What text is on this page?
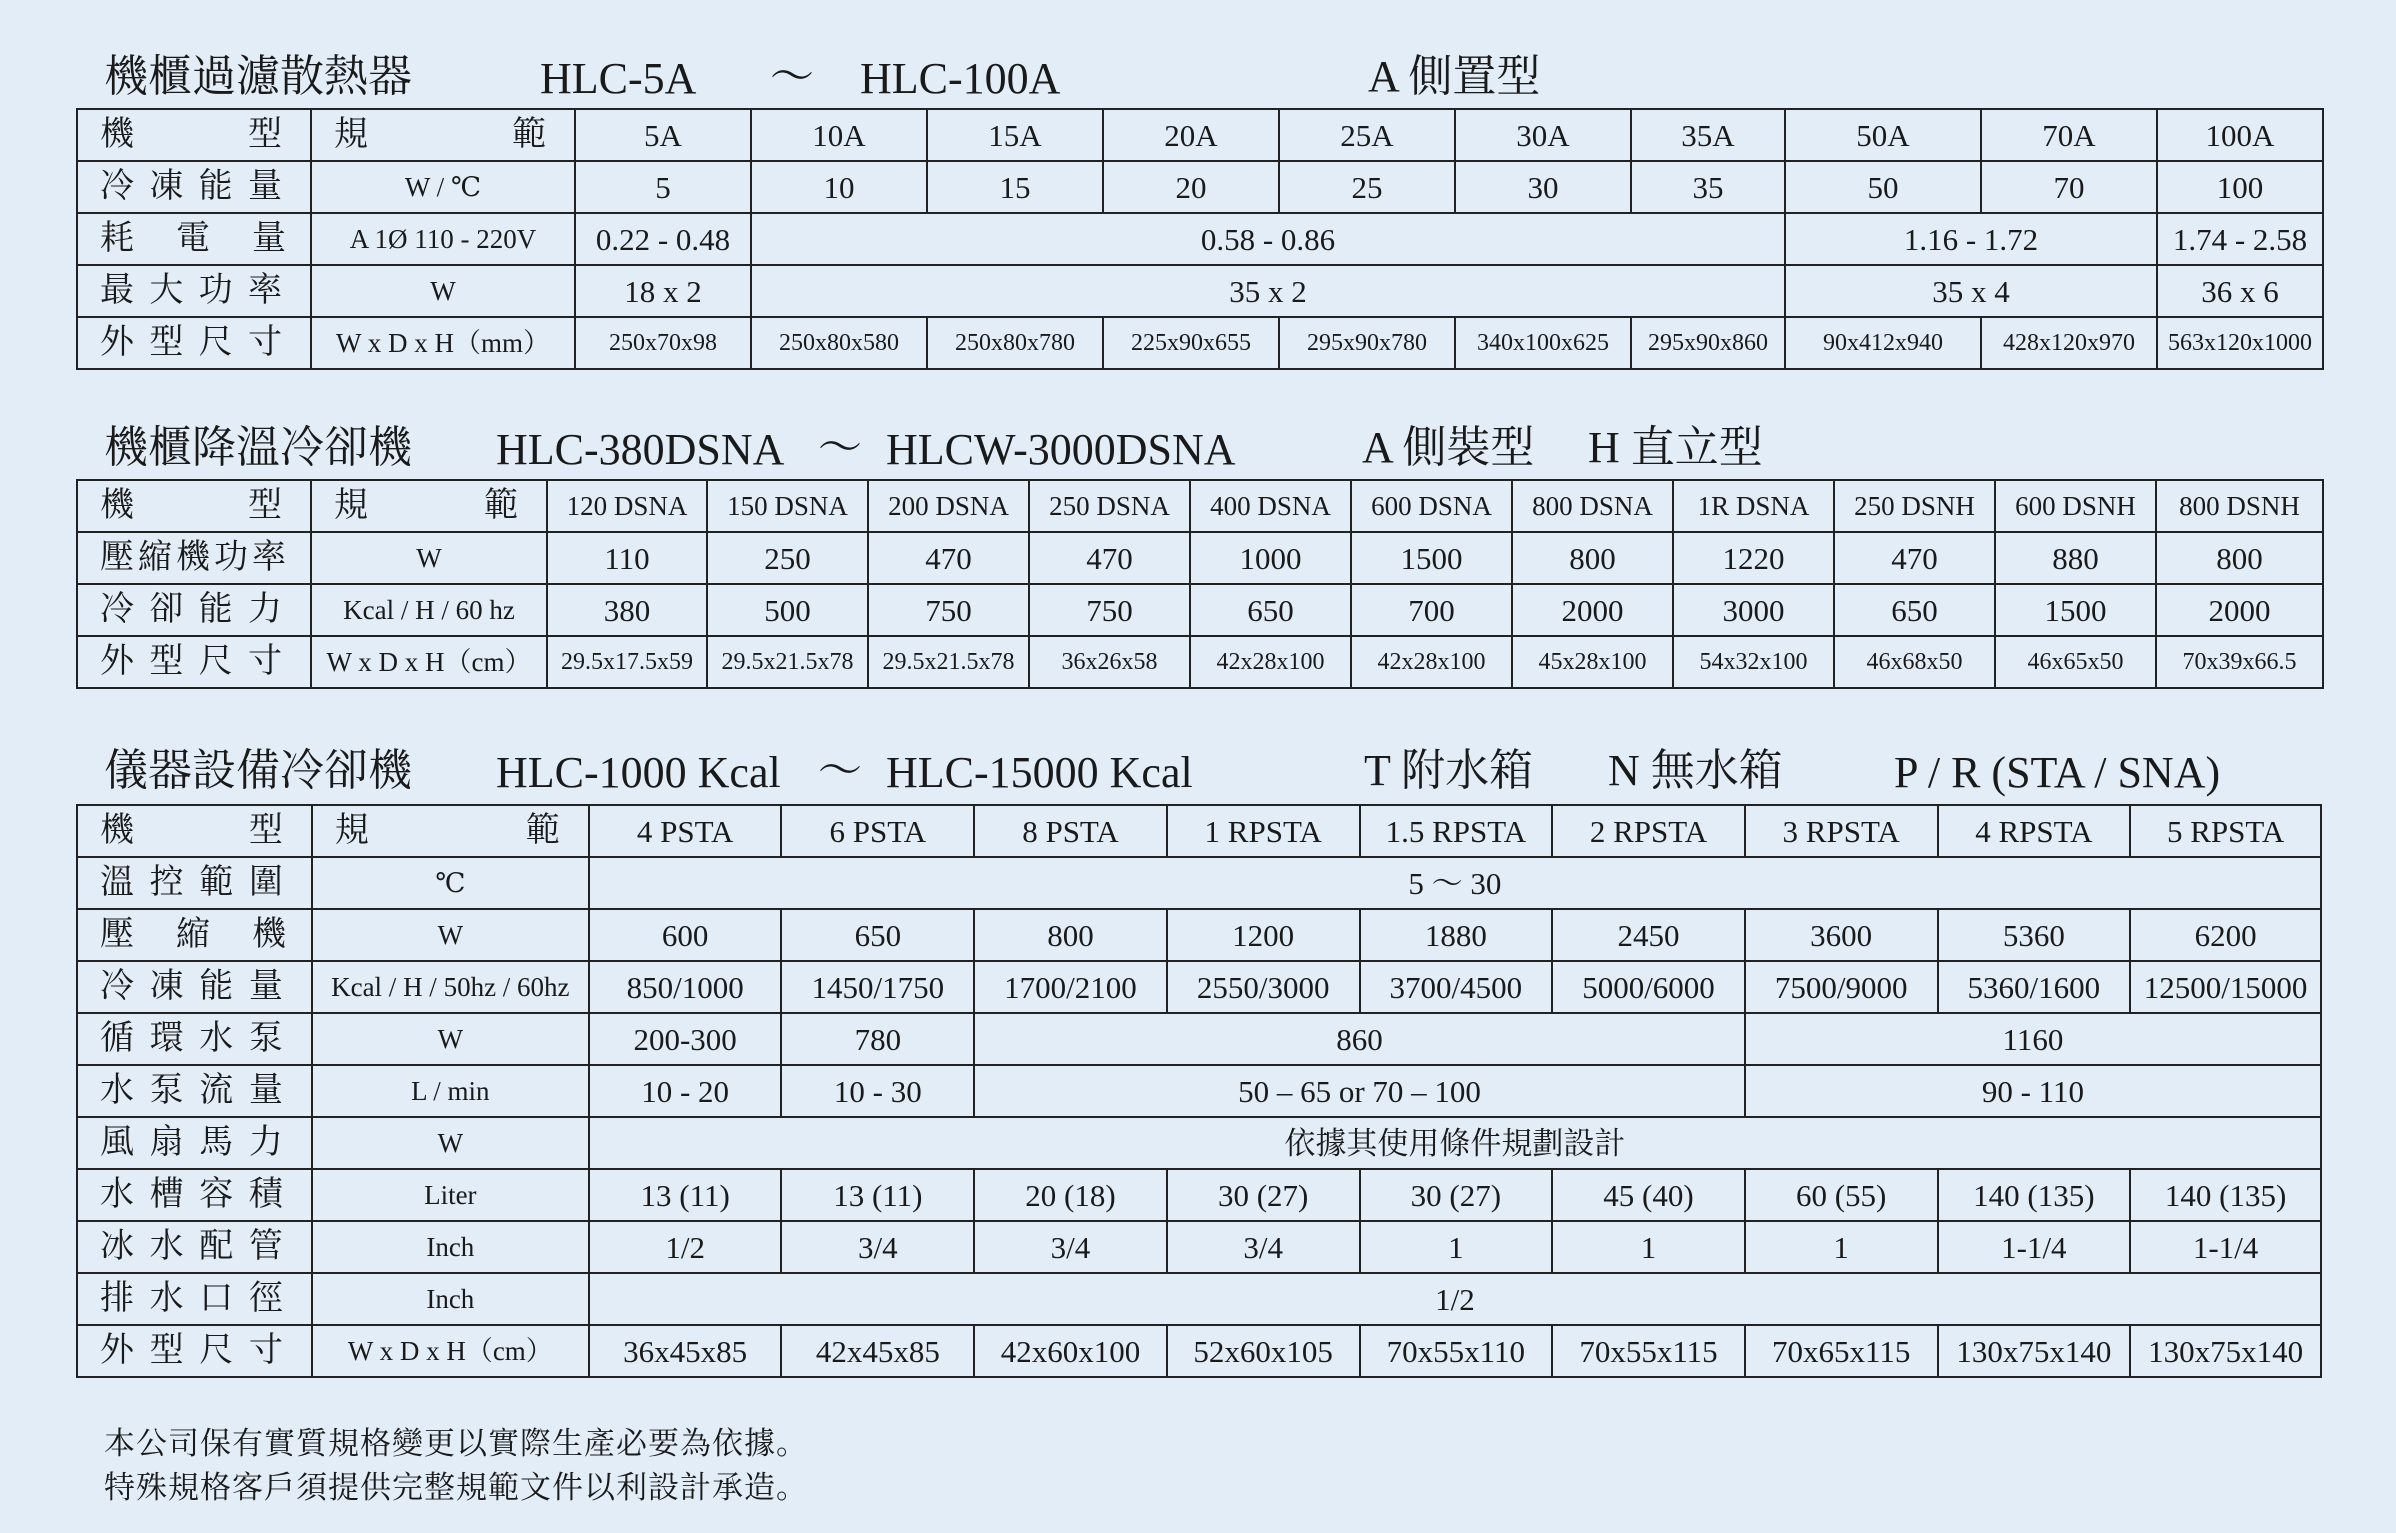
機櫃過濾散熱器	HLC-5A ～ HLC-100A	A 側置型
機　　型	規　　範	5A	10A	15A	20A	25A	30A	35A	50A	70A	100A
冷凍能量	W / ℃	5	10	15	20	25	30	35	50	70	100
耗　電　量	A 1Ø 110 - 220V	0.22 - 0.48	0.58 - 0.86						1.16 - 1.72		1.74 - 2.58
最大功率	W	18 x 2	35 x 2						35 x 4		36 x 6
外型尺寸	W x D x H（mm）	250x70x98	250x80x580	250x80x780	225x90x655	295x90x780	340x100x625	295x90x860	90x412x940	428x120x970	563x120x1000
機櫃降溫冷卻機 HLC-380DSNA ～ HLCW-3000DSNA	A 側裝型 H 直立型
機　　型	規　　範	120 DSNA	150 DSNA	200 DSNA	250 DSNA	400 DSNA	600 DSNA	800 DSNA	1R DSNA	250 DSNH	600 DSNH	800 DSNH
壓縮機功率	W	110	250	470	470	1000	1500	800	1220	470	880	800
冷卻能力	Kcal / H / 60 hz	380	500	750	750	650	700	2000	3000	650	1500	2000
外型尺寸	W x D x H（cm）	29.5x17.5x59	29.5x21.5x78	29.5x21.5x78	36x26x58	42x28x100	42x28x100	45x28x100	54x32x100	46x68x50	46x65x50	70x39x66.5
儀器設備冷卻機 HLC-1000 Kcal ～ HLC-15000 Kcal	T 附水箱 N 無水箱	P / R (STA / SNA)
機　　型	規　　範	4 PSTA	6 PSTA	8 PSTA	1 RPSTA	1.5 RPSTA	2 RPSTA	3 RPSTA	4 RPSTA	5 RPSTA
溫控範圍	℃	5 ～ 30								
壓　縮　機	W	600	650	800	1200	1880	2450	3600	5360	6200
冷凍能量	Kcal / H / 50hz / 60hz	850/1000	1450/1750	1700/2100	2550/3000	3700/4500	5000/6000	7500/9000	5360/1600	12500/15000
循環水泵	W	200-300	780	860				1160		
水泵流量	L / min	10 - 20	10 - 30	50 – 65 or 70 – 100				90 - 110		
風扇馬力	W	依據其使用條件規劃設計								
水槽容積	Liter	13 (11)	13 (11)	20 (18)	30 (27)	30 (27)	45 (40)	60 (55)	140 (135)	140 (135)
冰水配管	Inch	1/2	3/4	3/4	3/4	1	1	1	1-1/4	1-1/4
排水口徑	Inch	1/2								
外型尺寸	W x D x H（cm）	36x45x85	42x45x85	42x60x100	52x60x105	70x55x110	70x55x115	70x65x115	130x75x140	130x75x140
本公司保有實質規格變更以實際生產必要為依據。
特殊規格客戶須提供完整規範文件以利設計承造。
